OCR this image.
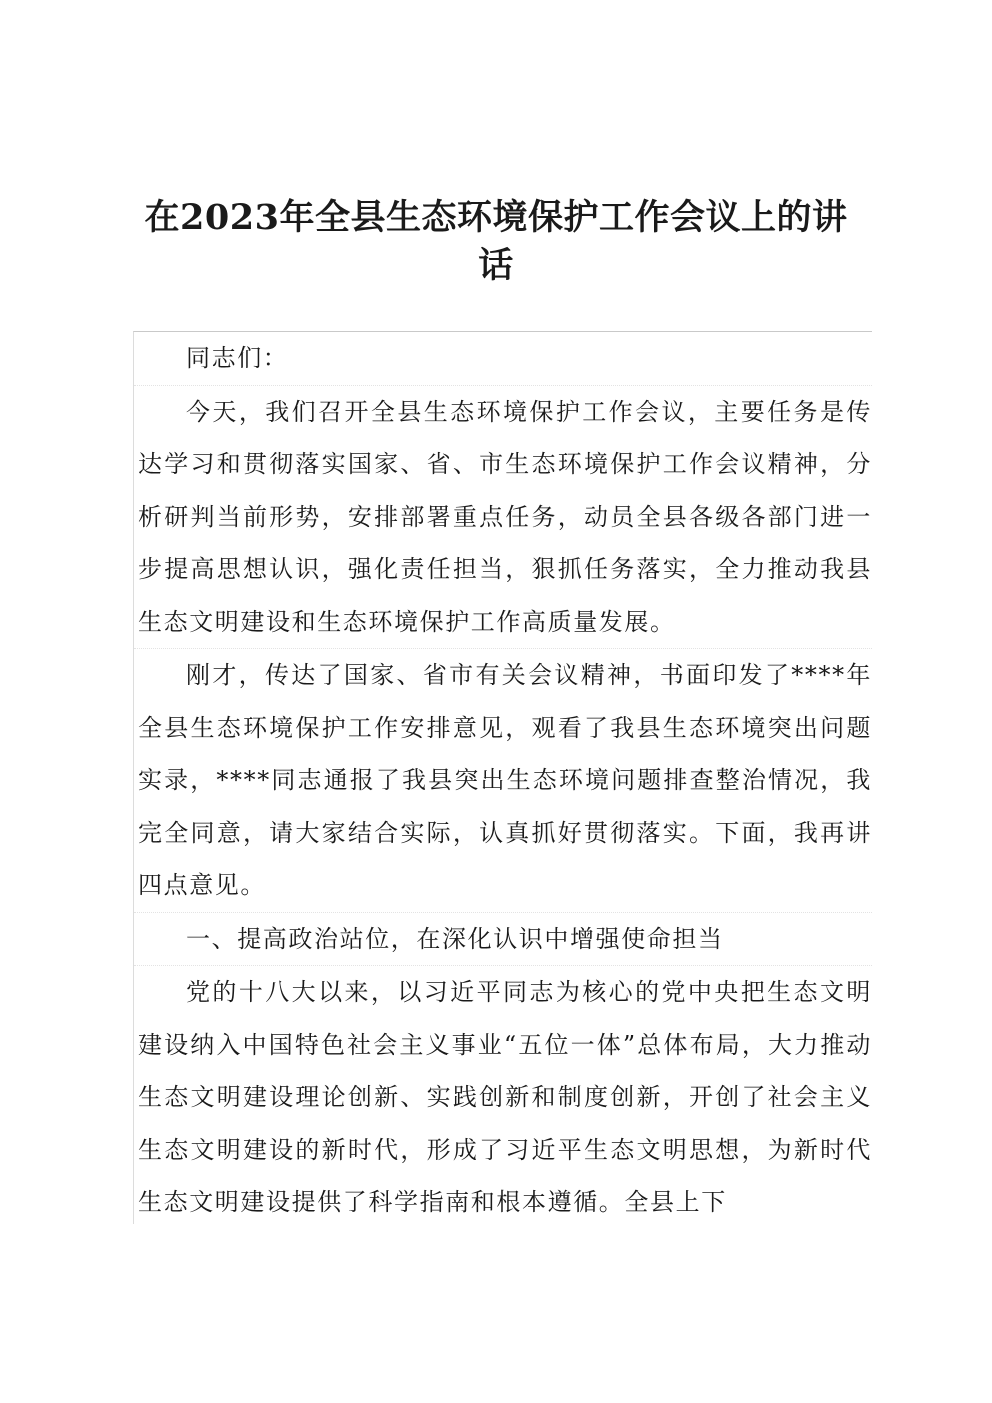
在2023年全县生态环境保护工作会议上的讲
话

同志们：

今天，我们召开全县生态环境保护工作会议，主要任务是传达学习和贯彻落实国家、省、市生态环境保护工作会议精神，分析研判当前形势，安排部署重点任务，动员全县各级各部门进一步提高思想认识，强化责任担当，狠抓任务落实，全力推动我县生态文明建设和生态环境保护工作高质量发展。

刚才，传达了国家、省市有关会议精神，书面印发了****年全县生态环境保护工作安排意见，观看了我县生态环境突出问题实录，****同志通报了我县突出生态环境问题排查整治情况，我完全同意，请大家结合实际，认真抓好贯彻落实。下面，我再讲四点意见。

一、提高政治站位，在深化认识中增强使命担当

党的十八大以来，以习近平同志为核心的党中央把生态文明建设纳入中国特色社会主义事业“五位一体”总体布局，大力推动生态文明建设理论创新、实践创新和制度创新，开创了社会主义生态文明建设的新时代，形成了习近平生态文明思想，为新时代生态文明建设提供了科学指南和根本遵循。全县上下
